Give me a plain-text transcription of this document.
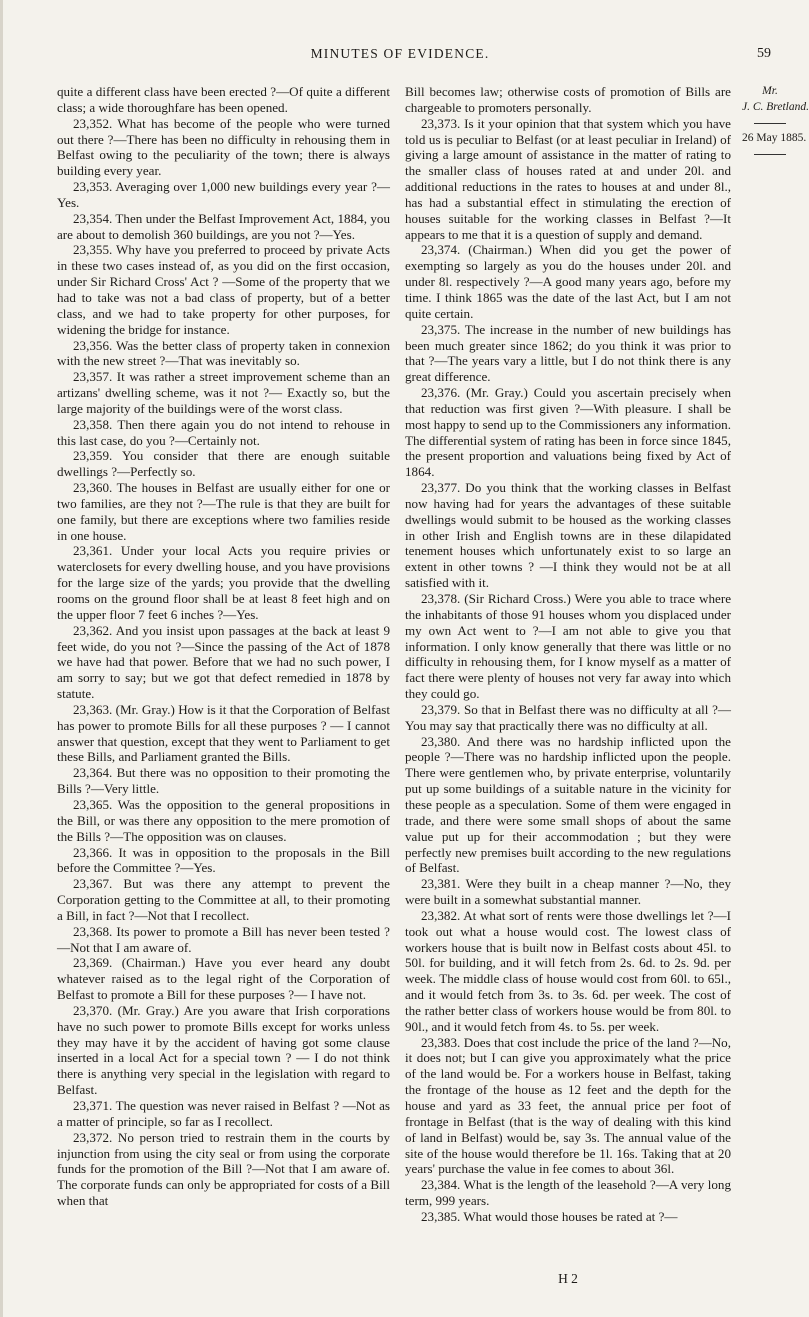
MINUTES OF EVIDENCE.	59

quite a different class have been erected ?—Of quite a different class; a wide thoroughfare has been opened.

23,352. What has become of the people who were turned out there ?—There has been no difficulty in rehousing them in Belfast owing to the peculiarity of the town; there is always building every year.

23,353. Averaging over 1,000 new buildings every year ?—Yes.

23,354. Then under the Belfast Improvement Act, 1884, you are about to demolish 360 buildings, are you not ?—Yes.

23,355. Why have you preferred to proceed by private Acts in these two cases instead of, as you did on the first occasion, under Sir Richard Cross' Act ? —Some of the property that we had to take was not a bad class of property, but of a better class, and we had to take property for other purposes, for widening the bridge for instance.

23,356. Was the better class of property taken in connexion with the new street ?—That was inevitably so.

23,357. It was rather a street improvement scheme than an artizans' dwelling scheme, was it not ?— Exactly so, but the large majority of the buildings were of the worst class.

23,358. Then there again you do not intend to rehouse in this last case, do you ?—Certainly not.

23,359. You consider that there are enough suitable dwellings ?—Perfectly so.

23,360. The houses in Belfast are usually either for one or two families, are they not ?—The rule is that they are built for one family, but there are exceptions where two families reside in one house.

23,361. Under your local Acts you require privies or waterclosets for every dwelling house, and you have provisions for the large size of the yards; you provide that the dwelling rooms on the ground floor shall be at least 8 feet high and on the upper floor 7 feet 6 inches ?—Yes.

23,362. And you insist upon passages at the back at least 9 feet wide, do you not ?—Since the passing of the Act of 1878 we have had that power. Before that we had no such power, I am sorry to say; but we got that defect remedied in 1878 by statute.

23,363. (Mr. Gray.) How is it that the Corporation of Belfast has power to promote Bills for all these purposes ? — I cannot answer that question, except that they went to Parliament to get these Bills, and Parliament granted the Bills.

23,364. But there was no opposition to their promoting the Bills ?—Very little.

23,365. Was the opposition to the general propositions in the Bill, or was there any opposition to the mere promotion of the Bills ?—The opposition was on clauses.

23,366. It was in opposition to the proposals in the Bill before the Committee ?—Yes.

23,367. But was there any attempt to prevent the Corporation getting to the Committee at all, to their promoting a Bill, in fact ?—Not that I recollect.

23,368. Its power to promote a Bill has never been tested ?—Not that I am aware of.

23,369. (Chairman.) Have you ever heard any doubt whatever raised as to the legal right of the Corporation of Belfast to promote a Bill for these purposes ?— I have not.

23,370. (Mr. Gray.) Are you aware that Irish corporations have no such power to promote Bills except for works unless they may have it by the accident of having got some clause inserted in a local Act for a special town ? — I do not think there is anything very special in the legislation with regard to Belfast.

23,371. The question was never raised in Belfast ? —Not as a matter of principle, so far as I recollect.

23,372. No person tried to restrain them in the courts by injunction from using the city seal or from using the corporate funds for the promotion of the Bill ?—Not that I am aware of. The corporate funds can only be appropriated for costs of a Bill when that

Bill becomes law; otherwise costs of promotion of Bills are chargeable to promoters personally.

23,373. Is it your opinion that that system which you have told us is peculiar to Belfast (or at least peculiar in Ireland) of giving a large amount of assistance in the matter of rating to the smaller class of houses rated at and under 20l. and additional reductions in the rates to houses at and under 8l., has had a substantial effect in stimulating the erection of houses suitable for the working classes in Belfast ?—It appears to me that it is a question of supply and demand.

23,374. (Chairman.) When did you get the power of exempting so largely as you do the houses under 20l. and under 8l. respectively ?—A good many years ago, before my time. I think 1865 was the date of the last Act, but I am not quite certain.

23,375. The increase in the number of new buildings has been much greater since 1862; do you think it was prior to that ?—The years vary a little, but I do not think there is any great difference.

23,376. (Mr. Gray.) Could you ascertain precisely when that reduction was first given ?—With pleasure. I shall be most happy to send up to the Commissioners any information. The differential system of rating has been in force since 1845, the present proportion and valuations being fixed by Act of 1864.

23,377. Do you think that the working classes in Belfast now having had for years the advantages of these suitable dwellings would submit to be housed as the working classes in other Irish and English towns are in these dilapidated tenement houses which unfortunately exist to so large an extent in other towns ? —I think they would not be at all satisfied with it.

23,378. (Sir Richard Cross.) Were you able to trace where the inhabitants of those 91 houses whom you displaced under my own Act went to ?—I am not able to give you that information. I only know generally that there was little or no difficulty in rehousing them, for I know myself as a matter of fact there were plenty of houses not very far away into which they could go.

23,379. So that in Belfast there was no difficulty at all ?—You may say that practically there was no difficulty at all.

23,380. And there was no hardship inflicted upon the people ?—There was no hardship inflicted upon the people. There were gentlemen who, by private enterprise, voluntarily put up some buildings of a suitable nature in the vicinity for these people as a speculation. Some of them were engaged in trade, and there were some small shops of about the same value put up for their accommodation ; but they were perfectly new premises built according to the new regulations of Belfast.

23,381. Were they built in a cheap manner ?—No, they were built in a somewhat substantial manner.

23,382. At what sort of rents were those dwellings let ?—I took out what a house would cost. The lowest class of workers house that is built now in Belfast costs about 45l. to 50l. for building, and it will fetch from 2s. 6d. to 2s. 9d. per week. The middle class of house would cost from 60l. to 65l., and it would fetch from 3s. to 3s. 6d. per week. The cost of the rather better class of workers house would be from 80l. to 90l., and it would fetch from 4s. to 5s. per week.

23,383. Does that cost include the price of the land ?—No, it does not; but I can give you approximately what the price of the land would be. For a workers house in Belfast, taking the frontage of the house as 12 feet and the depth for the house and yard as 33 feet, the annual price per foot of frontage in Belfast (that is the way of dealing with this kind of land in Belfast) would be, say 3s. The annual value of the site of the house would therefore be 1l. 16s. Taking that at 20 years' purchase the value in fee comes to about 36l.

23,384. What is the length of the leasehold ?—A very long term, 999 years.

23,385. What would those houses be rated at ?—

Mr.
J. C. Bretland.
26 May 1885.
H 2
